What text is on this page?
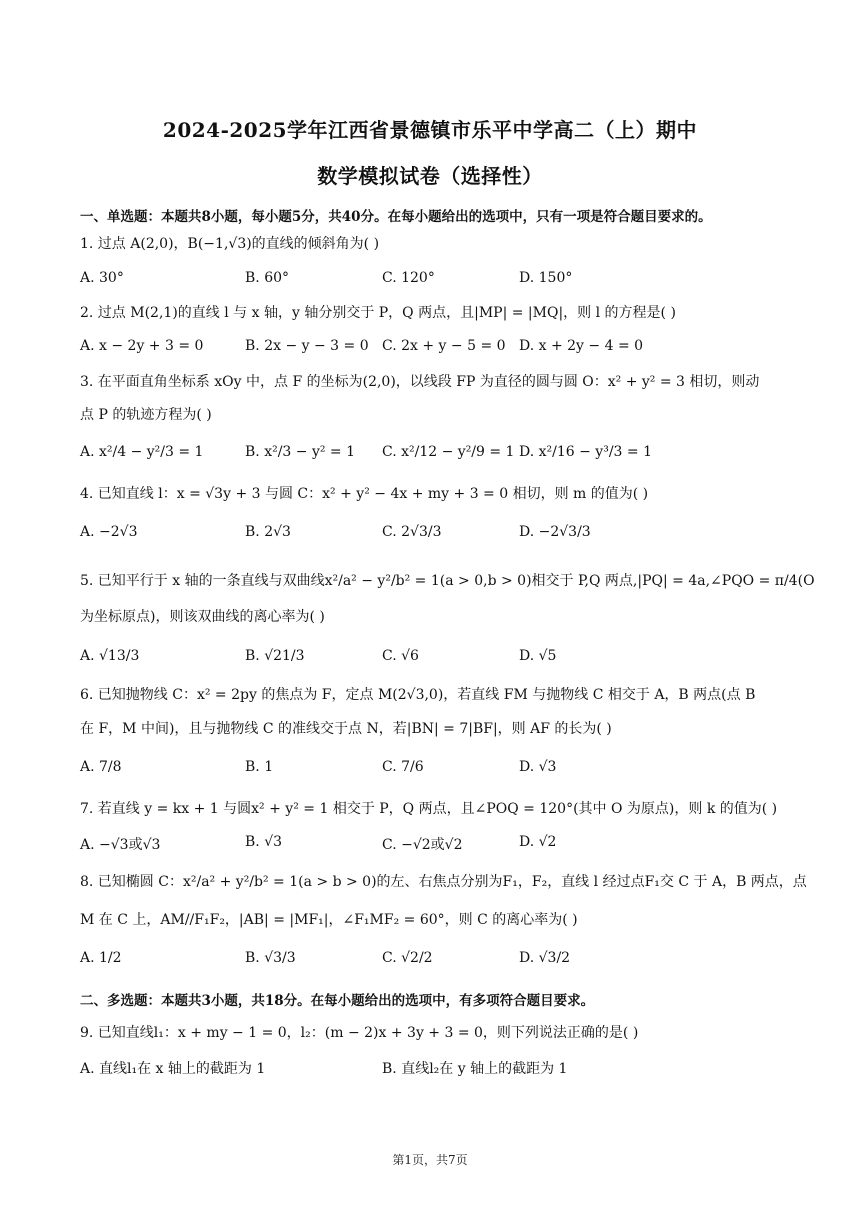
2024-2025学年江西省景德镇市乐平中学高二（上）期中
数学模拟试卷（选择性）
一、单选题：本题共8小题，每小题5分，共40分。在每小题给出的选项中，只有一项是符合题目要求的。
1. 过点 A(2,0)，B(−1,√3)的直线的倾斜角为( )
A. 30°	B. 60°	C. 120°	D. 150°
2. 过点 M(2,1)的直线 l 与 x 轴，y 轴分别交于 P，Q 两点，且|MP| = |MQ|，则 l 的方程是( )
A. x − 2y + 3 = 0	B. 2x − y − 3 = 0 C. 2x + y − 5 = 0 D. x + 2y − 4 = 0
3. 在平面直角坐标系 xOy 中，点 F 的坐标为(2,0)，以线段 FP 为直径的圆与圆 O：x² + y² = 3 相切，则动
点 P 的轨迹方程为( )
A. x²/4 − y²/3 = 1	B. x²/3 − y² = 1 C. x²/12 − y²/9 = 1 D. x²/16 − y³/3 = 1
4. 已知直线 l：x = √3y + 3 与圆 C：x² + y² − 4x + my + 3 = 0 相切，则 m 的值为( )
A. −2√3	B. 2√3	C. 2√3/3	D. −2√3/3
5. 已知平行于 x 轴的一条直线与双曲线x²/a² − y²/b² = 1(a > 0,b > 0)相交于 P,Q 两点,|PQ| = 4a,∠PQO = π/4(O
为坐标原点)，则该双曲线的离心率为( )
A. √13/3	B. √21/3	C. √6	D. √5
6. 已知抛物线 C：x² = 2py 的焦点为 F，定点 M(2√3,0)，若直线 FM 与抛物线 C 相交于 A，B 两点(点 B
在 F，M 中间)，且与抛物线 C 的准线交于点 N，若|BN| = 7|BF|，则 AF 的长为( )
A. 7/8	B. 1	C. 7/6	D. √3
7. 若直线 y = kx + 1 与圆x² + y² = 1 相交于 P，Q 两点，且∠POQ = 120°(其中 O 为原点)，则 k 的值为( )
A. −√3或√3	B. √3	C. −√2或√2	D. √2
8. 已知椭圆 C：x²/a² + y²/b² = 1(a > b > 0)的左、右焦点分别为F₁，F₂，直线 l 经过点F₁交 C 于 A，B 两点，点
M 在 C 上，AM//F₁F₂，|AB| = |MF₁|，∠F₁MF₂ = 60°，则 C 的离心率为( )
A. 1/2	B. √3/3	C. √2/2	D. √3/2
二、多选题：本题共3小题，共18分。在每小题给出的选项中，有多项符合题目要求。
9. 已知直线l₁：x + my − 1 = 0，l₂：(m − 2)x + 3y + 3 = 0，则下列说法正确的是( )
A. 直线l₁在 x 轴上的截距为 1	B. 直线l₂在 y 轴上的截距为 1
第1页，共7页
